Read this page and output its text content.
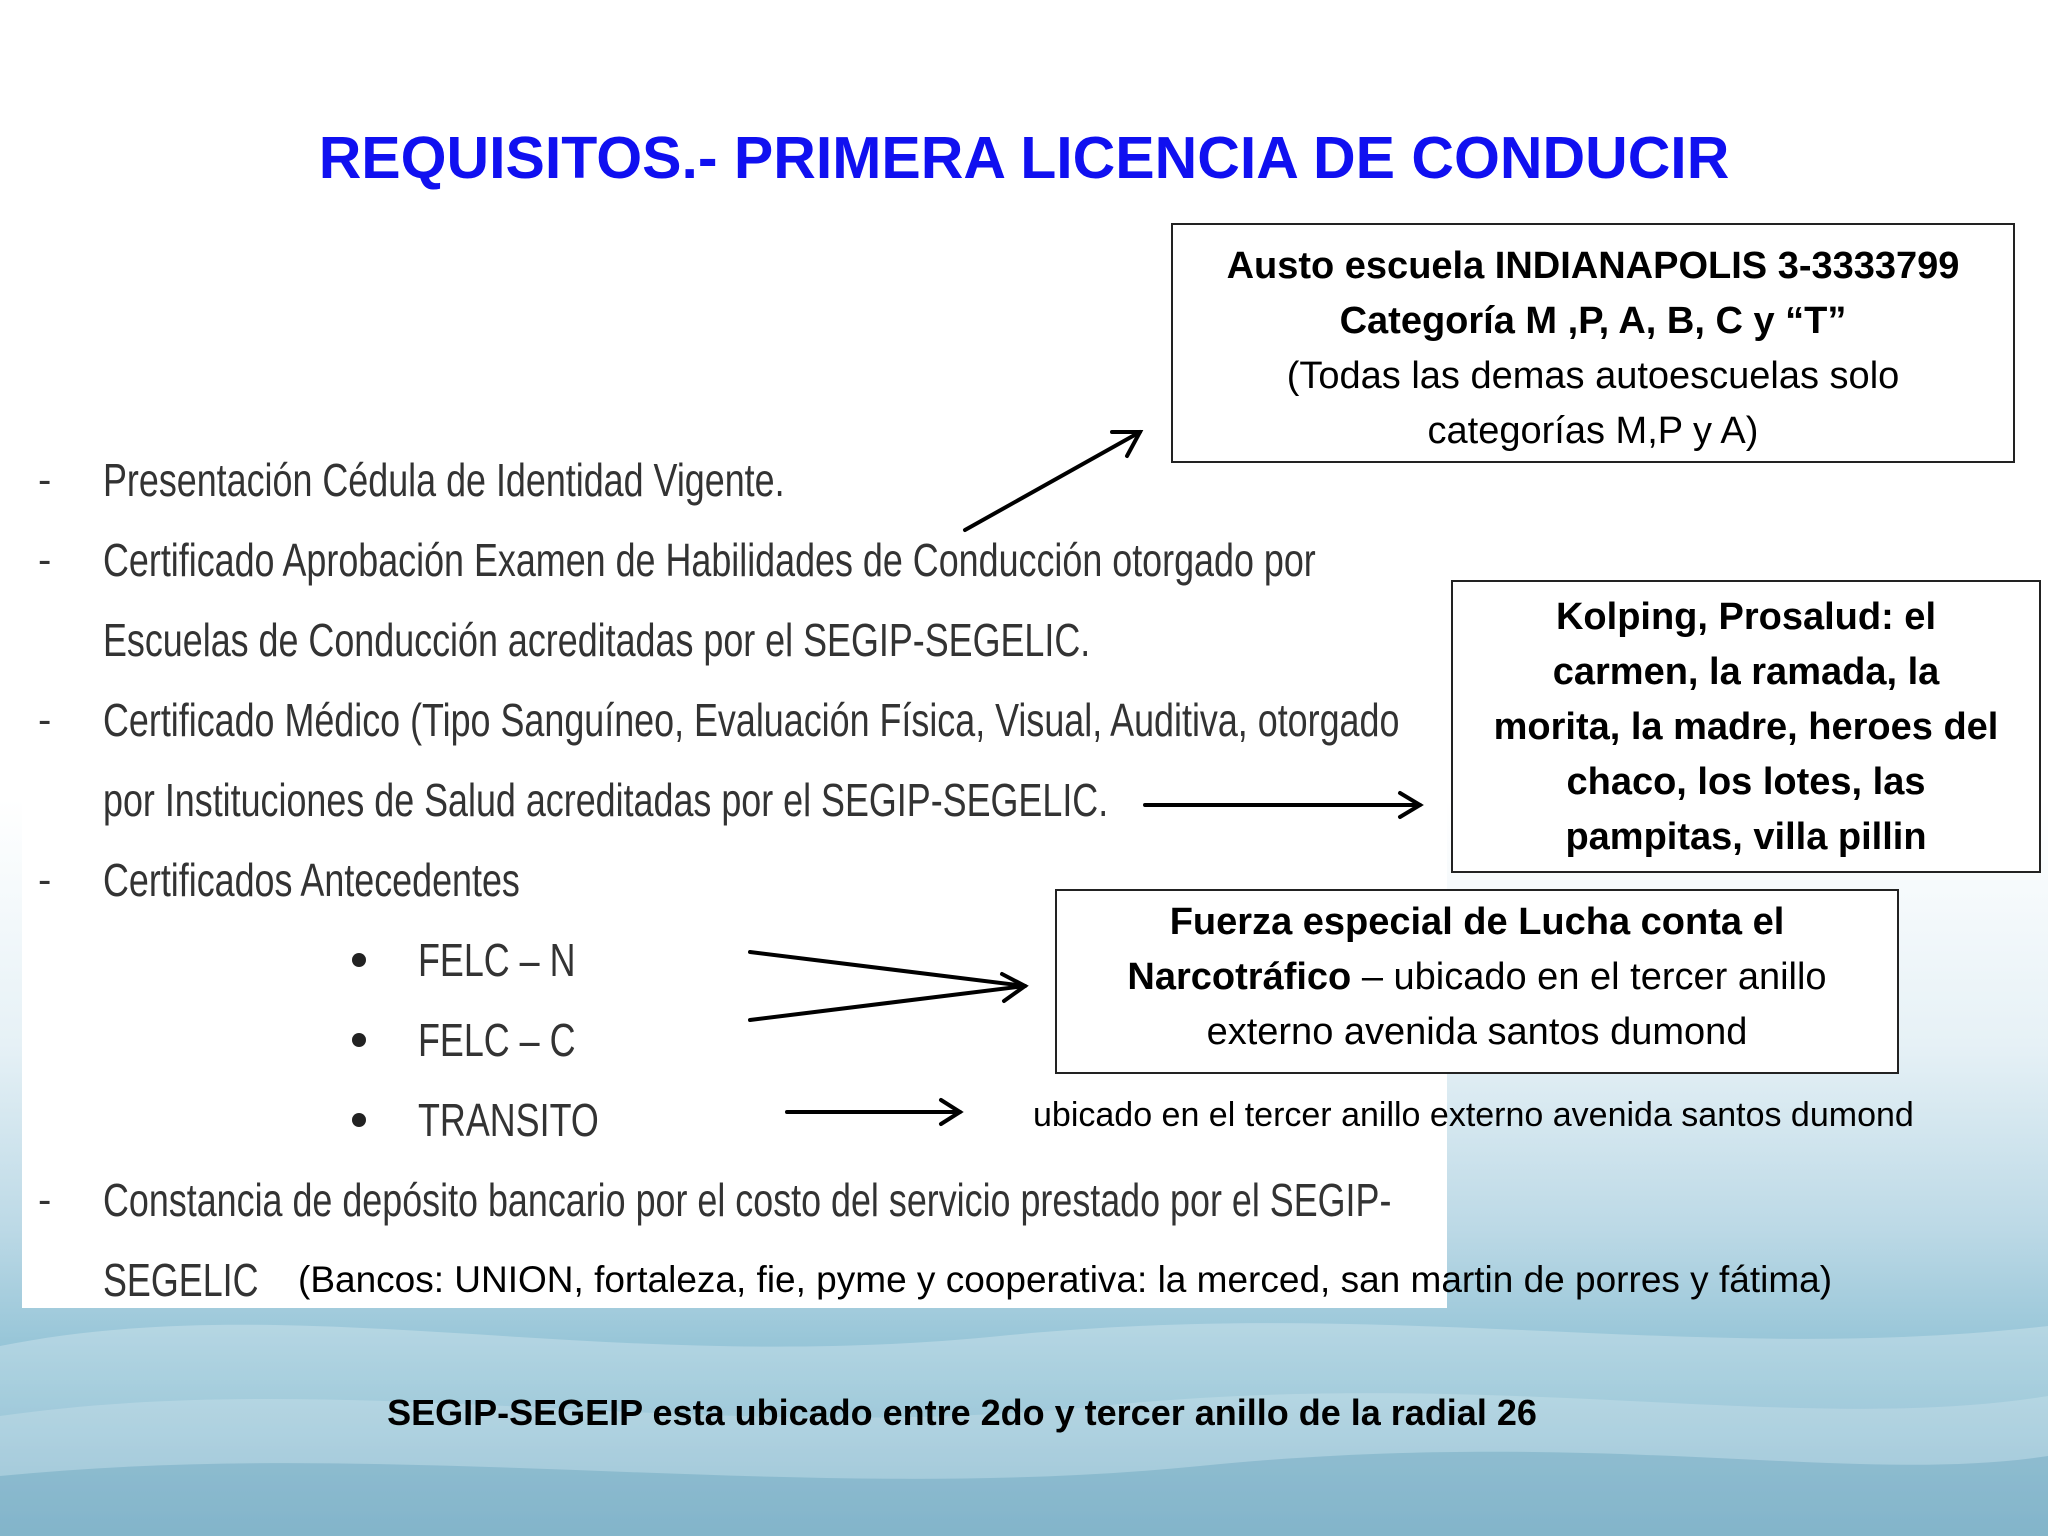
REQUISITOS.- PRIMERA LICENCIA DE CONDUCIR
- Presentación Cédula de Identidad Vigente.
- Certificado Aprobación Examen de Habilidades de Conducción otorgado por
Escuelas de Conducción acreditadas por el SEGIP-SEGELIC.
- Certificado Médico (Tipo Sanguíneo, Evaluación Física, Visual, Auditiva, otorgado
por Instituciones de Salud acreditadas por el SEGIP-SEGELIC.
- Certificados Antecedentes
FELC – N
FELC – C
TRANSITO
- Constancia de depósito bancario por el costo del servicio prestado por el SEGIP-
SEGELIC (Bancos: UNION, fortaleza, fie, pyme y cooperativa: la merced, san martin de porres y fátima)
Austo escuela INDIANAPOLIS 3-3333799
Categoría M ,P, A, B, C y “T”
(Todas las demas autoescuelas solo
categorías M,P y A)
Kolping, Prosalud: el
carmen, la ramada, la
morita, la madre, heroes del
chaco, los lotes, las
pampitas, villa pillin
Fuerza especial de Lucha conta el
Narcotráfico – ubicado en el tercer anillo
externo avenida santos dumond
ubicado en el tercer anillo externo avenida santos dumond
SEGIP-SEGEIP esta ubicado entre 2do y tercer anillo de la radial 26
